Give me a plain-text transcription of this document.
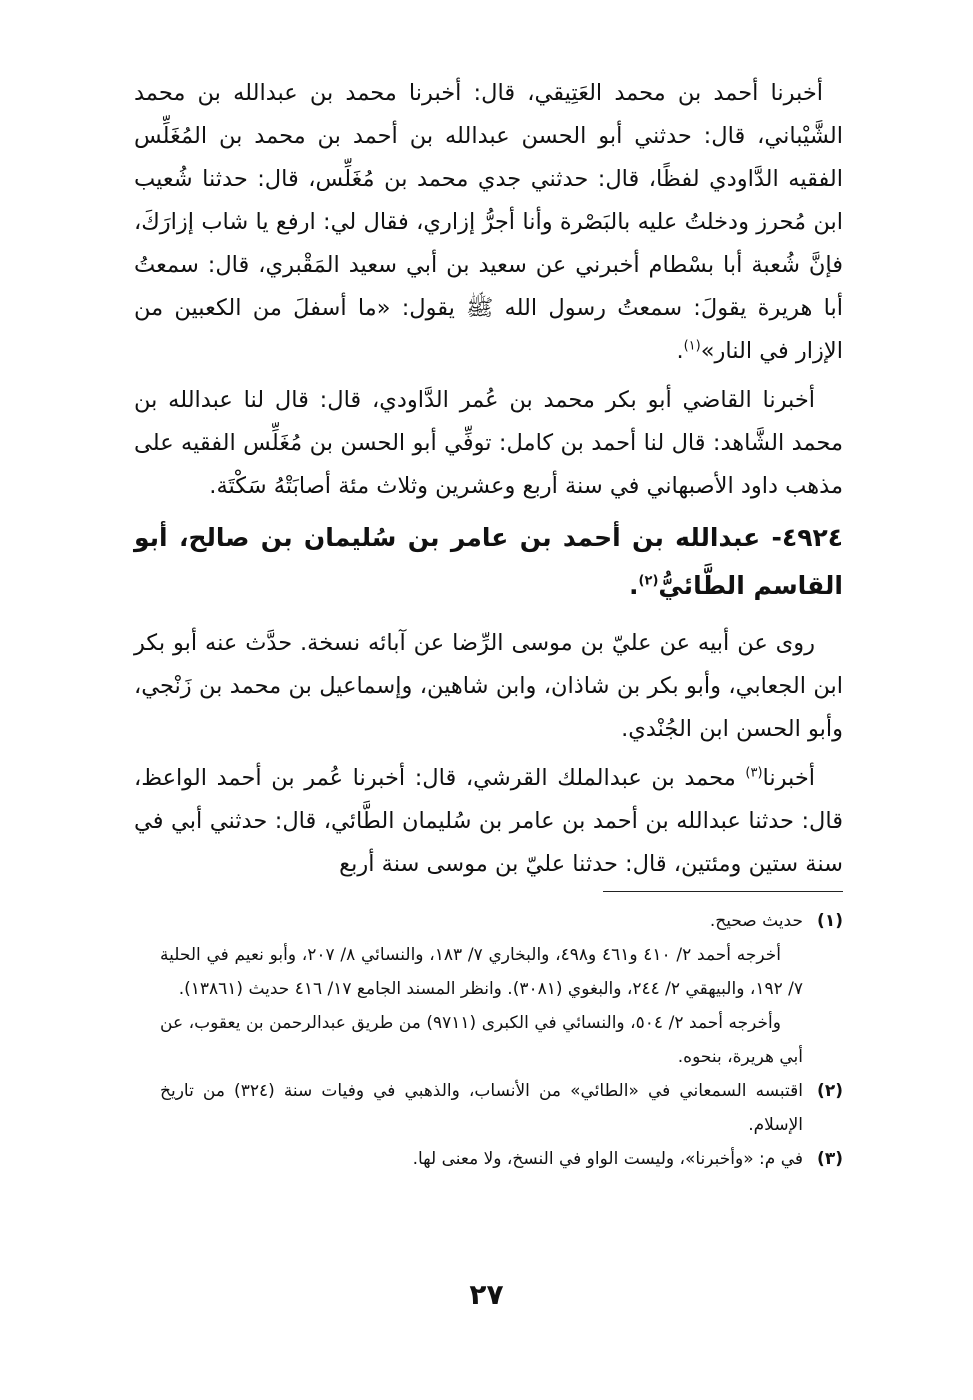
أخبرنا أحمد بن محمد العَتِيقي، قال: أخبرنا محمد بن عبدالله بن محمد الشَّيْباني، قال: حدثني أبو الحسن عبدالله بن أحمد بن محمد بن المُغَلِّس الفقيه الدَّاودي لفظًا، قال: حدثني جدي محمد بن مُغَلِّس، قال: حدثنا شُعيب ابن مُحرز ودخلتُ عليه بالبَصْرة وأنا أجرُّ إزاري، فقال لي: ارفع يا شاب إزارَكَ، فإنَّ شُعبة أبا بسْطام أخبرني عن سعيد بن أبي سعيد المَقْبري، قال: سمعتُ أبا هريرة يقولَ: سمعتُ رسول الله ﷺ يقول: «ما أسفلَ من الكعبين من الإزار في النار»$^{(١)}$.

أخبرنا القاضي أبو بكر محمد بن عُمر الدَّاودي، قال: قال لنا عبدالله بن محمد الشَّاهد: قال لنا أحمد بن كامل: توفِّي أبو الحسن بن مُغَلِّس الفقيه على مذهب داود الأصبهاني في سنة أربع وعشرين وثلاث مئة أصابَتْهُ سَكْتَة.

٤٩٢٤- عبدالله بن أحمد بن عامر بن سُليمان بن صالح، أبو القاسم الطَّائيُّ$^{(٢)}$.

روى عن أبيه عن عليّ بن موسى الرِّضا عن آبائه نسخة. حدَّث عنه أبو بكر ابن الجعابي، وأبو بكر بن شاذان، وابن شاهين، وإسماعيل بن محمد بن زَنْجي، وأبو الحسن ابن الجُنْدي.

أخبرنا$^{(٣)}$ محمد بن عبدالملك القرشي، قال: أخبرنا عُمر بن أحمد الواعظ، قال: حدثنا عبدالله بن أحمد بن عامر بن سُليمان الطَّائي، قال: حدثني أبي في سنة ستين ومئتين، قال: حدثنا عليّ بن موسى سنة أربع

(١)
حديث صحيح.
أخرجه أحمد ٢/ ٤١٠ و٤٦١ و٤٩٨، والبخاري ٧/ ١٨٣، والنسائي ٨/ ٢٠٧، وأبو نعيم في الحلية ٧/ ١٩٢، والبيهقي ٢/ ٢٤٤، والبغوي (٣٠٨١). وانظر المسند الجامع ١٧/ ٤١٦ حديث (١٣٨٦١).
وأخرجه أحمد ٢/ ٥٠٤، والنسائي في الكبرى (٩٧١١) من طريق عبدالرحمن بن يعقوب، عن أبي هريرة، بنحوه.
(٢)
اقتبسه السمعاني في «الطائي» من الأنساب، والذهبي في وفيات سنة (٣٢٤) من تاريخ الإسلام.
(٣)
في م: «وأخبرنا»، وليست الواو في النسخ، ولا معنى لها.
٢٧
